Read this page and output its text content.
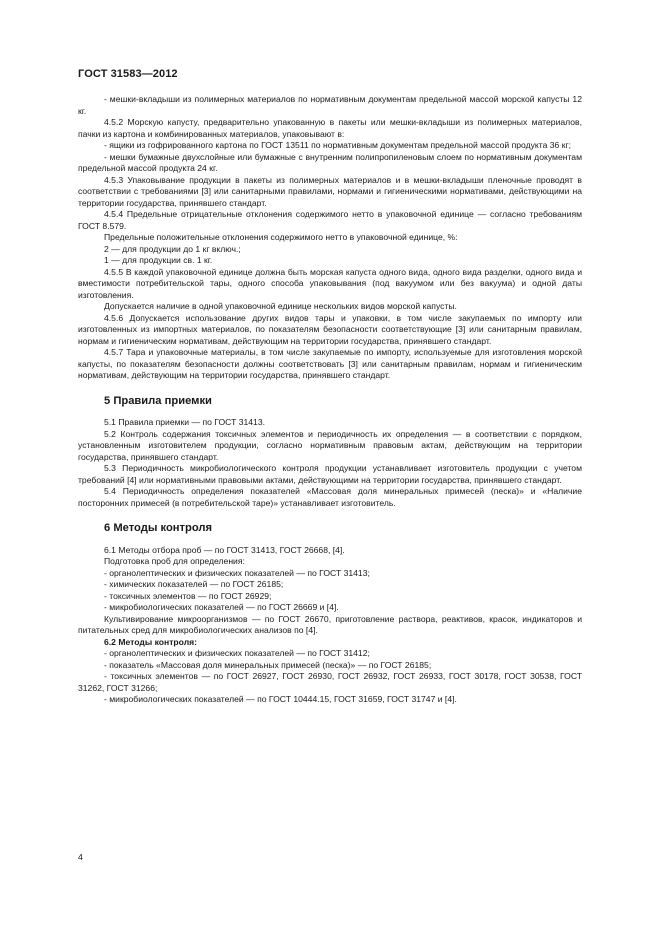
ГОСТ 31583—2012

- мешки-вкладыши из полимерных материалов по нормативным документам предельной массой морской капусты 12 кг.

4.5.2 Морскую капусту, предварительно упакованную в пакеты или мешки-вкладыши из полимерных материалов, пачки из картона и комбинированных материалов, упаковывают в:

- ящики из гофрированного картона по ГОСТ 13511 по нормативным документам предельной массой продукта 36 кг;

- мешки бумажные двухслойные или бумажные с внутренним полипропиленовым слоем по нормативным документам предельной массой продукта 24 кг.

4.5.3 Упаковывание продукции в пакеты из полимерных материалов и в мешки-вкладыши пленочные проводят в соответствии с требованиями [3] или санитарными правилами, нормами и гигиеническими нормативами, действующими на территории государства, принявшего стандарт.

4.5.4 Предельные отрицательные отклонения содержимого нетто в упаковочной единице — согласно требованиям ГОСТ 8.579.

Предельные положительные отклонения содержимого нетто в упаковочной единице, %:

2 — для продукции до 1 кг включ.;

1 — для продукции св. 1 кг.

4.5.5 В каждой упаковочной единице должна быть морская капуста одного вида, одного вида разделки, одного вида и вместимости потребительской тары, одного способа упаковывания (под вакуумом или без вакуума) и одной даты изготовления.

Допускается наличие в одной упаковочной единице нескольких видов морской капусты.

4.5.6 Допускается использование других видов тары и упаковки, в том числе закупаемых по импорту или изготовленных из импортных материалов, по показателям безопасности соответствующие [3] или санитарным правилам, нормам и гигиеническим нормативам, действующим на территории государства, принявшего стандарт.

4.5.7 Тара и упаковочные материалы, в том числе закупаемые по импорту, используемые для изготовления морской капусты, по показателям безопасности должны соответствовать [3] или санитарным правилам, нормам и гигиеническим нормативам, действующим на территории государства, принявшего стандарт.

5 Правила приемки

5.1 Правила приемки — по ГОСТ 31413.

5.2 Контроль содержания токсичных элементов и периодичность их определения — в соответствии с порядком, установленным изготовителем продукции, согласно нормативным правовым актам, действующим на территории государства, принявшего стандарт.

5.3 Периодичность микробиологического контроля продукции устанавливает изготовитель продукции с учетом требований [4] или нормативными правовыми актами, действующими на территории государства, принявшего стандарт.

5.4 Периодичность определения показателей «Массовая доля минеральных примесей (песка)» и «Наличие посторонних примесей (в потребительской таре)» устанавливает изготовитель.

6 Методы контроля

6.1 Методы отбора проб — по ГОСТ 31413, ГОСТ 26668, [4].

Подготовка проб для определения:

- органолептических и физических показателей — по ГОСТ 31413;

- химических показателей — по ГОСТ 26185;

- токсичных элементов — по ГОСТ 26929;

- микробиологических показателей — по ГОСТ 26669 и [4].

Культивирование микроорганизмов — по ГОСТ 26670, приготовление раствора, реактивов, красок, индикаторов и питательных сред для микробиологических анализов по [4].

6.2 Методы контроля:

- органолептических и физических показателей — по ГОСТ 31412;

- показатель «Массовая доля минеральных примесей (песка)» — по ГОСТ 26185;

- токсичных элементов — по ГОСТ 26927, ГОСТ 26930, ГОСТ 26932, ГОСТ 26933, ГОСТ 30178, ГОСТ 30538, ГОСТ 31262, ГОСТ 31266;

- микробиологических показателей — по ГОСТ 10444.15, ГОСТ 31659, ГОСТ 31747 и [4].

4
